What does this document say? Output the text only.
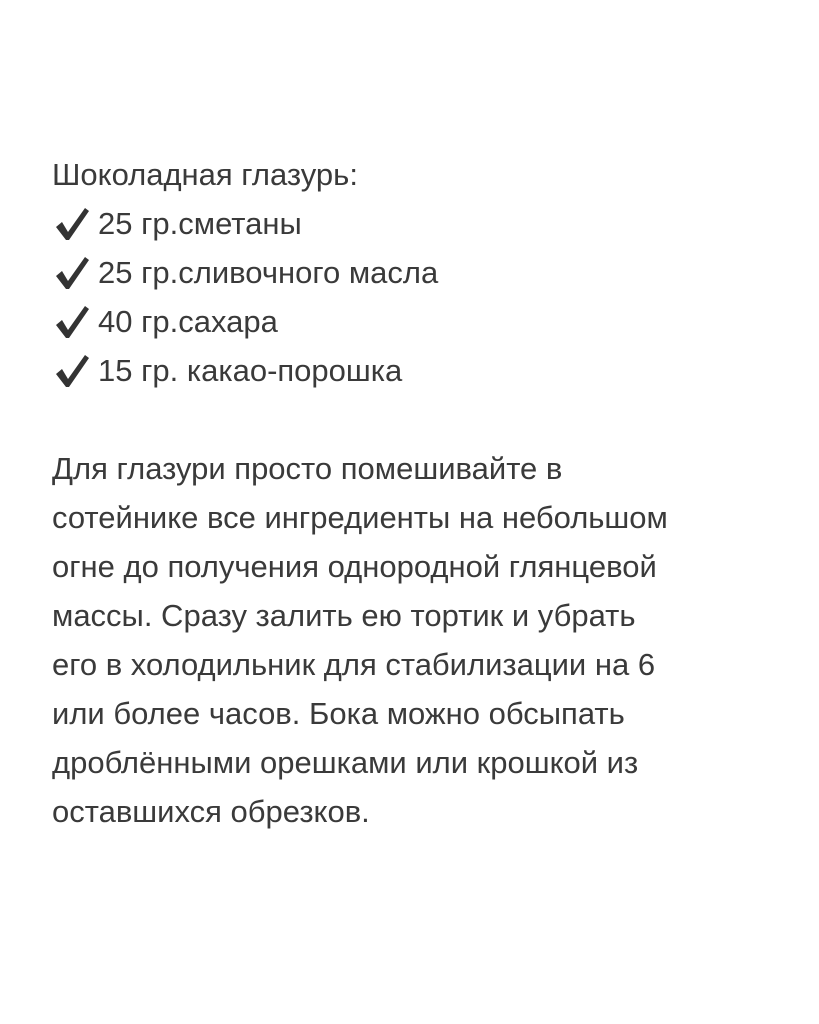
Шоколадная глазурь:

25 гр.сметаны
25 гр.сливочного масла
40 гр.сахара
15 гр. какао-порошка

Для глазури просто помешивайте в
сотейнике все ингредиенты на небольшом
огне до получения однородной глянцевой
массы. Сразу залить ею тортик и убрать
его в холодильник для стабилизации на 6
или более часов. Бока можно обсыпать
дроблёнными орешками или крошкой из
оставшихся обрезков.
